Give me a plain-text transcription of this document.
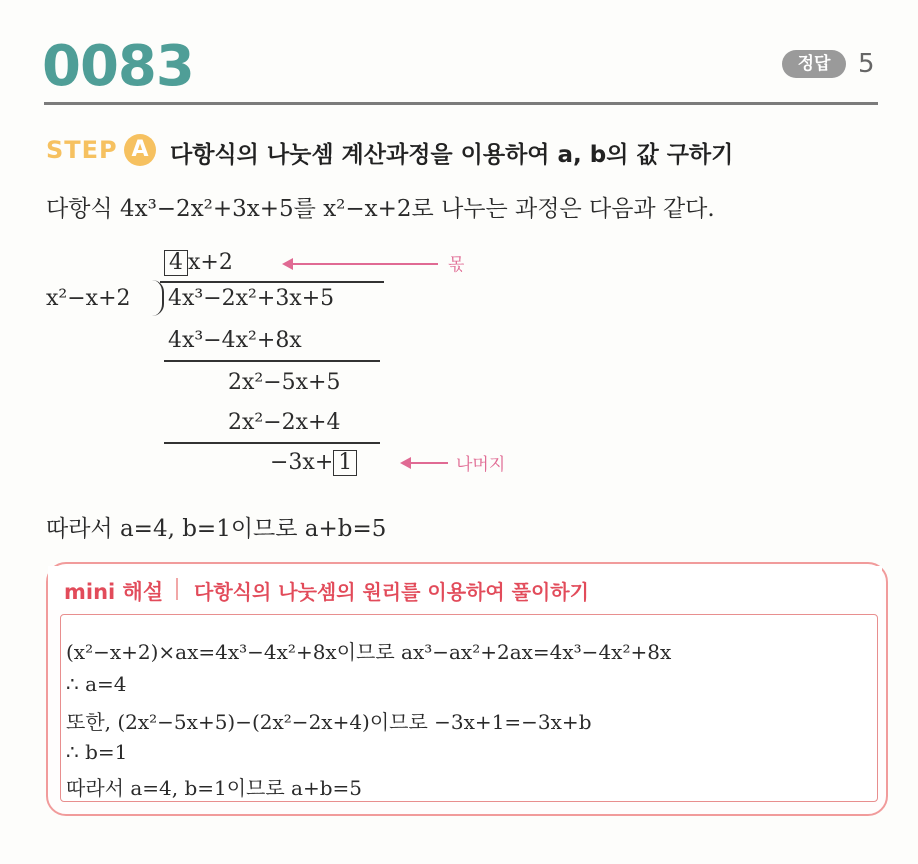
0083	정답	5
STEP A 다항식의 나눗셈 계산과정을 이용하여 a, b의 값 구하기
다항식 4x³−2x²+3x+5를 x²−x+2로 나누는 과정은 다음과 같다.
4 x+2	몫
x²−x+2 4x³−2x²+3x+5
4x³−4x²+8x
2x²−5x+5
2x²−2x+4
−3x+ 1	나머지
따라서 a=4, b=1이므로 a+b=5
mini 해설 다항식의 나눗셈의 원리를 이용하여 풀이하기
(x²−x+2)×ax=4x³−4x²+8x이므로 ax³−ax²+2ax=4x³−4x²+8x
∴ a=4
또한, (2x²−5x+5)−(2x²−2x+4)이므로 −3x+1=−3x+b
∴ b=1
따라서 a=4, b=1이므로 a+b=5
